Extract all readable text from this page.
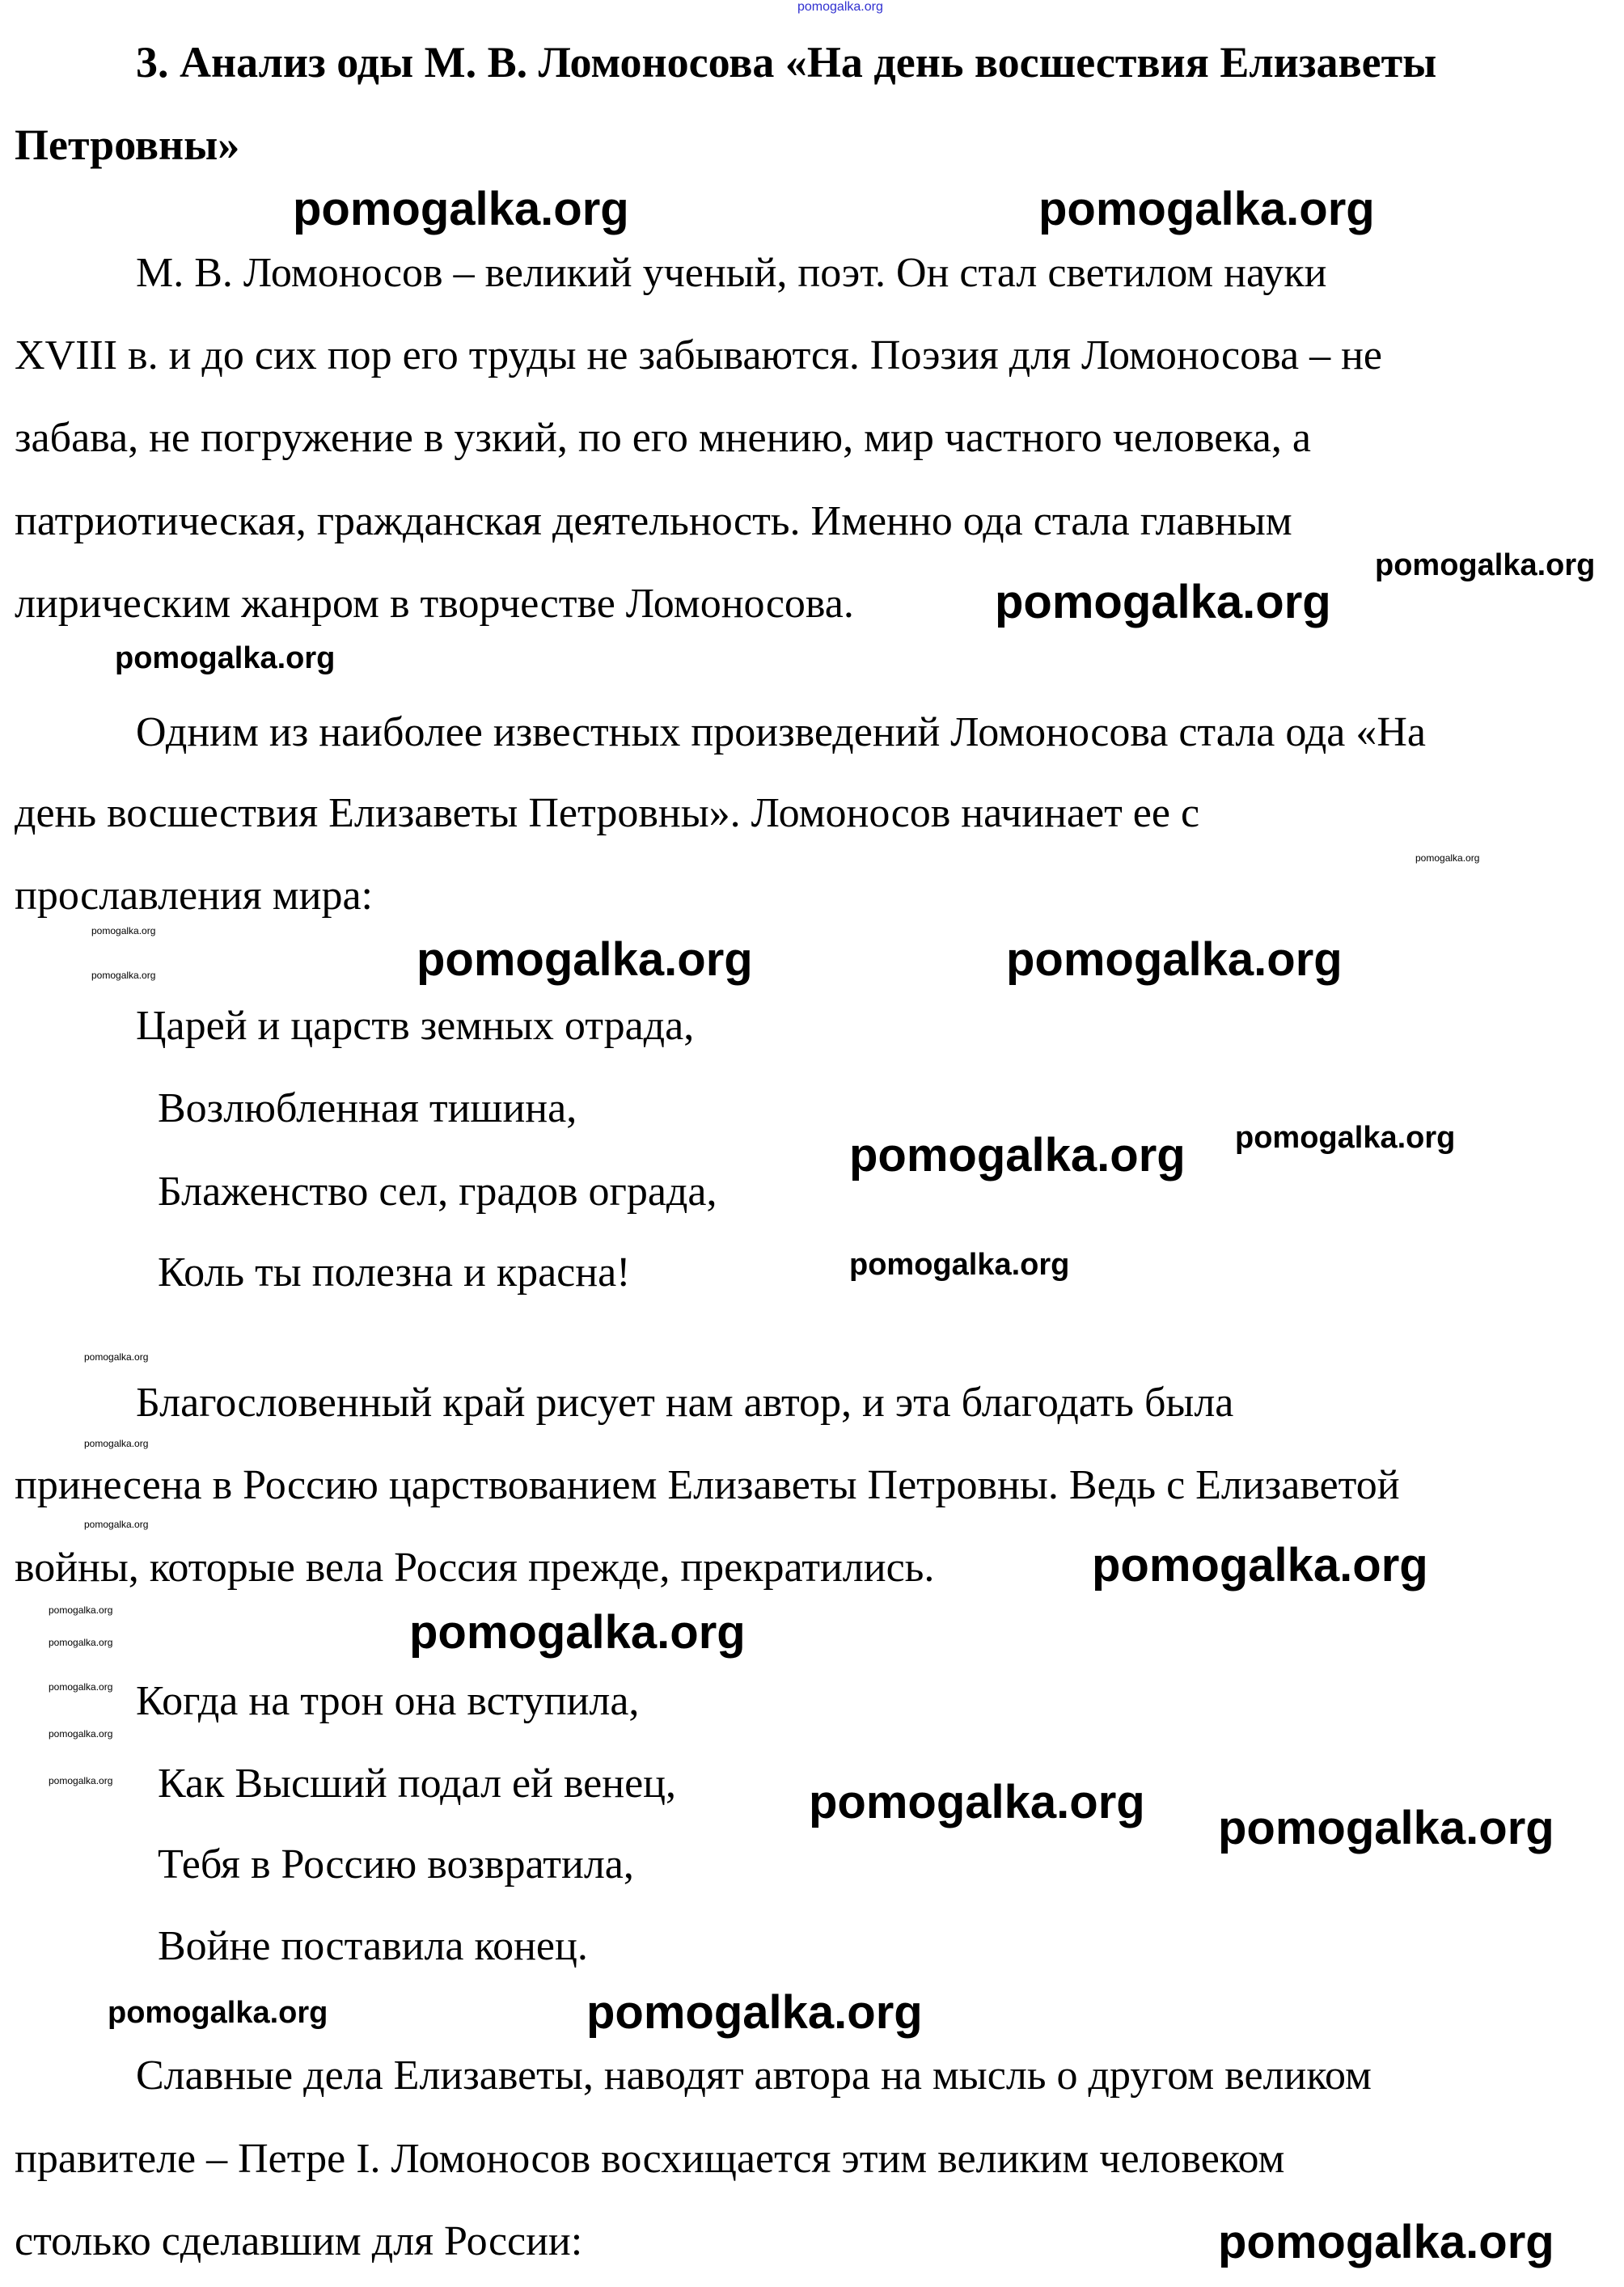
pomogalka.org
3. Анализ оды М. В. Ломоносова «На день восшествия Елизаветы
Петровны»
М. В. Ломоносов – великий ученый, поэт. Он стал светилом науки
XVIII в. и до сих пор его труды не забываются. Поэзия для Ломоносова – не
забава, не погружение в узкий, по его мнению, мир частного человека, а
патриотическая, гражданская деятельность. Именно ода стала главным
лирическим жанром в творчестве Ломоносова.
Одним из наиболее известных произведений Ломоносова стала ода «На
день восшествия Елизаветы Петровны». Ломоносов начинает ее с
прославления мира:
Царей и царств земных отрада,
Возлюбленная тишина,
Блаженство сел, градов ограда,
Коль ты полезна и красна!
Благословенный край рисует нам автор, и эта благодать была
принесена в Россию царствованием Елизаветы Петровны. Ведь с Елизаветой
войны, которые вела Россия прежде, прекратились.
Когда на трон она вступила,
Как Высший подал ей венец,
Тебя в Россию возвратила,
Войне поставила конец.
Славные дела Елизаветы, наводят автора на мысль о другом великом
правителе – Петре I. Ломоносов восхищается этим великим человеком
столько сделавшим для России:
pomogalka.org	pomogalka.org
pomogalka.org
pomogalka.org	pomogalka.org
pomogalka.org
pomogalka.org
pomogalka.org
pomogalka.org pomogalka.org
pomogalka.org
pomogalka.org
pomogalka.org
pomogalka.org
pomogalka.org
pomogalka.org
pomogalka.org
pomogalka.org
pomogalka.org
pomogalka.org
pomogalka.org
pomogalka.org
pomogalka.org
pomogalka.org
pomogalka.org
pomogalka.org
pomogalka.org
pomogalka.org
